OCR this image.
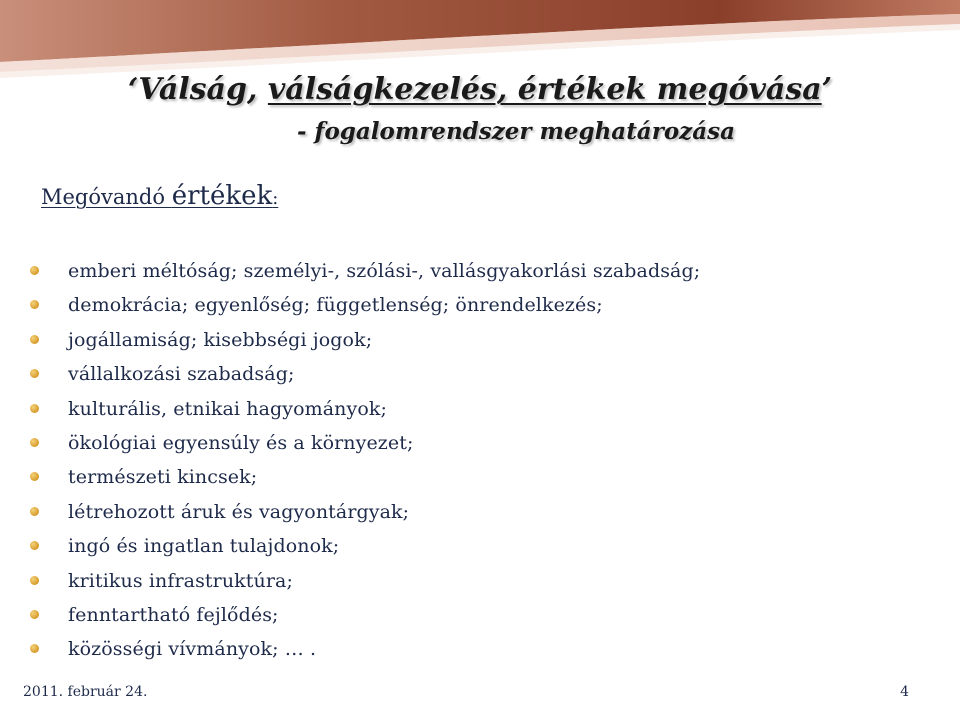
‘Válság, válságkezelés, értékek megóvása’
- fogalomrendszer meghatározása
Megóvandó értékek:
emberi méltóság; személyi-, szólási-, vallásgyakorlási szabadság;
demokrácia; egyenlőség; függetlenség; önrendelkezés;
jogállamiság; kisebbségi jogok;
vállalkozási szabadság;
kulturális, etnikai hagyományok;
ökológiai egyensúly és a környezet;
természeti kincsek;
létrehozott áruk és vagyontárgyak;
ingó és ingatlan tulajdonok;
kritikus infrastruktúra;
fenntartható fejlődés;
közösségi vívmányok; … .
2011. február 24.	4
